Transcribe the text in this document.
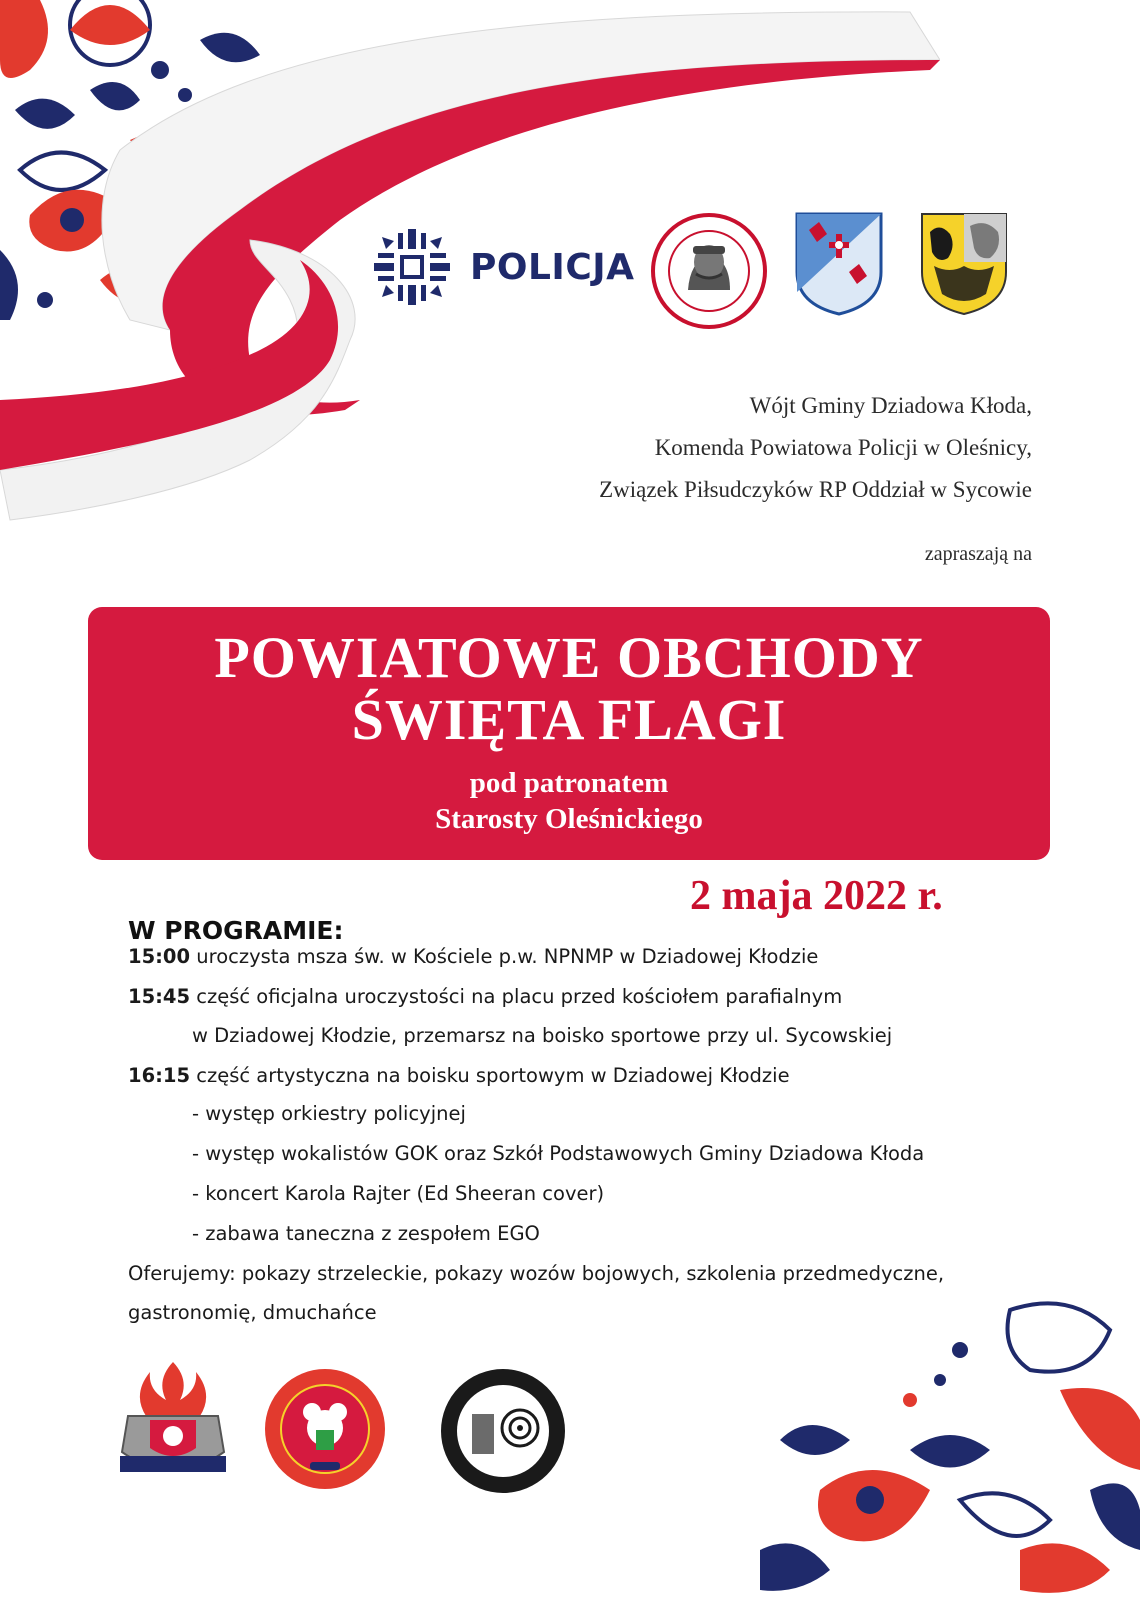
POLICJA
Wójt Gminy Dziadowa Kłoda,
Komenda Powiatowa Policji w Oleśnicy,
Związek Piłsudczyków RP Oddział w Sycowie
zapraszają na
POWIATOWE OBCHODY
ŚWIĘTA FLAGI
pod patronatem
Starosty Oleśnickiego
2 maja 2022 r.
W PROGRAMIE:
15:00 uroczysta msza św. w Kościele p.w. NPNMP w Dziadowej Kłodzie
15:45 część oficjalna uroczystości na placu przed kościołem parafialnym
w Dziadowej Kłodzie, przemarsz na boisko sportowe przy ul. Sycowskiej
16:15 część artystyczna na boisku sportowym w Dziadowej Kłodzie
- występ orkiestry policyjnej
- występ wokalistów GOK oraz Szkół Podstawowych Gminy Dziadowa Kłoda
- koncert Karola Rajter (Ed Sheeran cover)
- zabawa taneczna z zespołem EGO
Oferujemy: pokazy strzeleckie, pokazy wozów bojowych, szkolenia przedmedyczne,
gastronomię, dmuchańce
